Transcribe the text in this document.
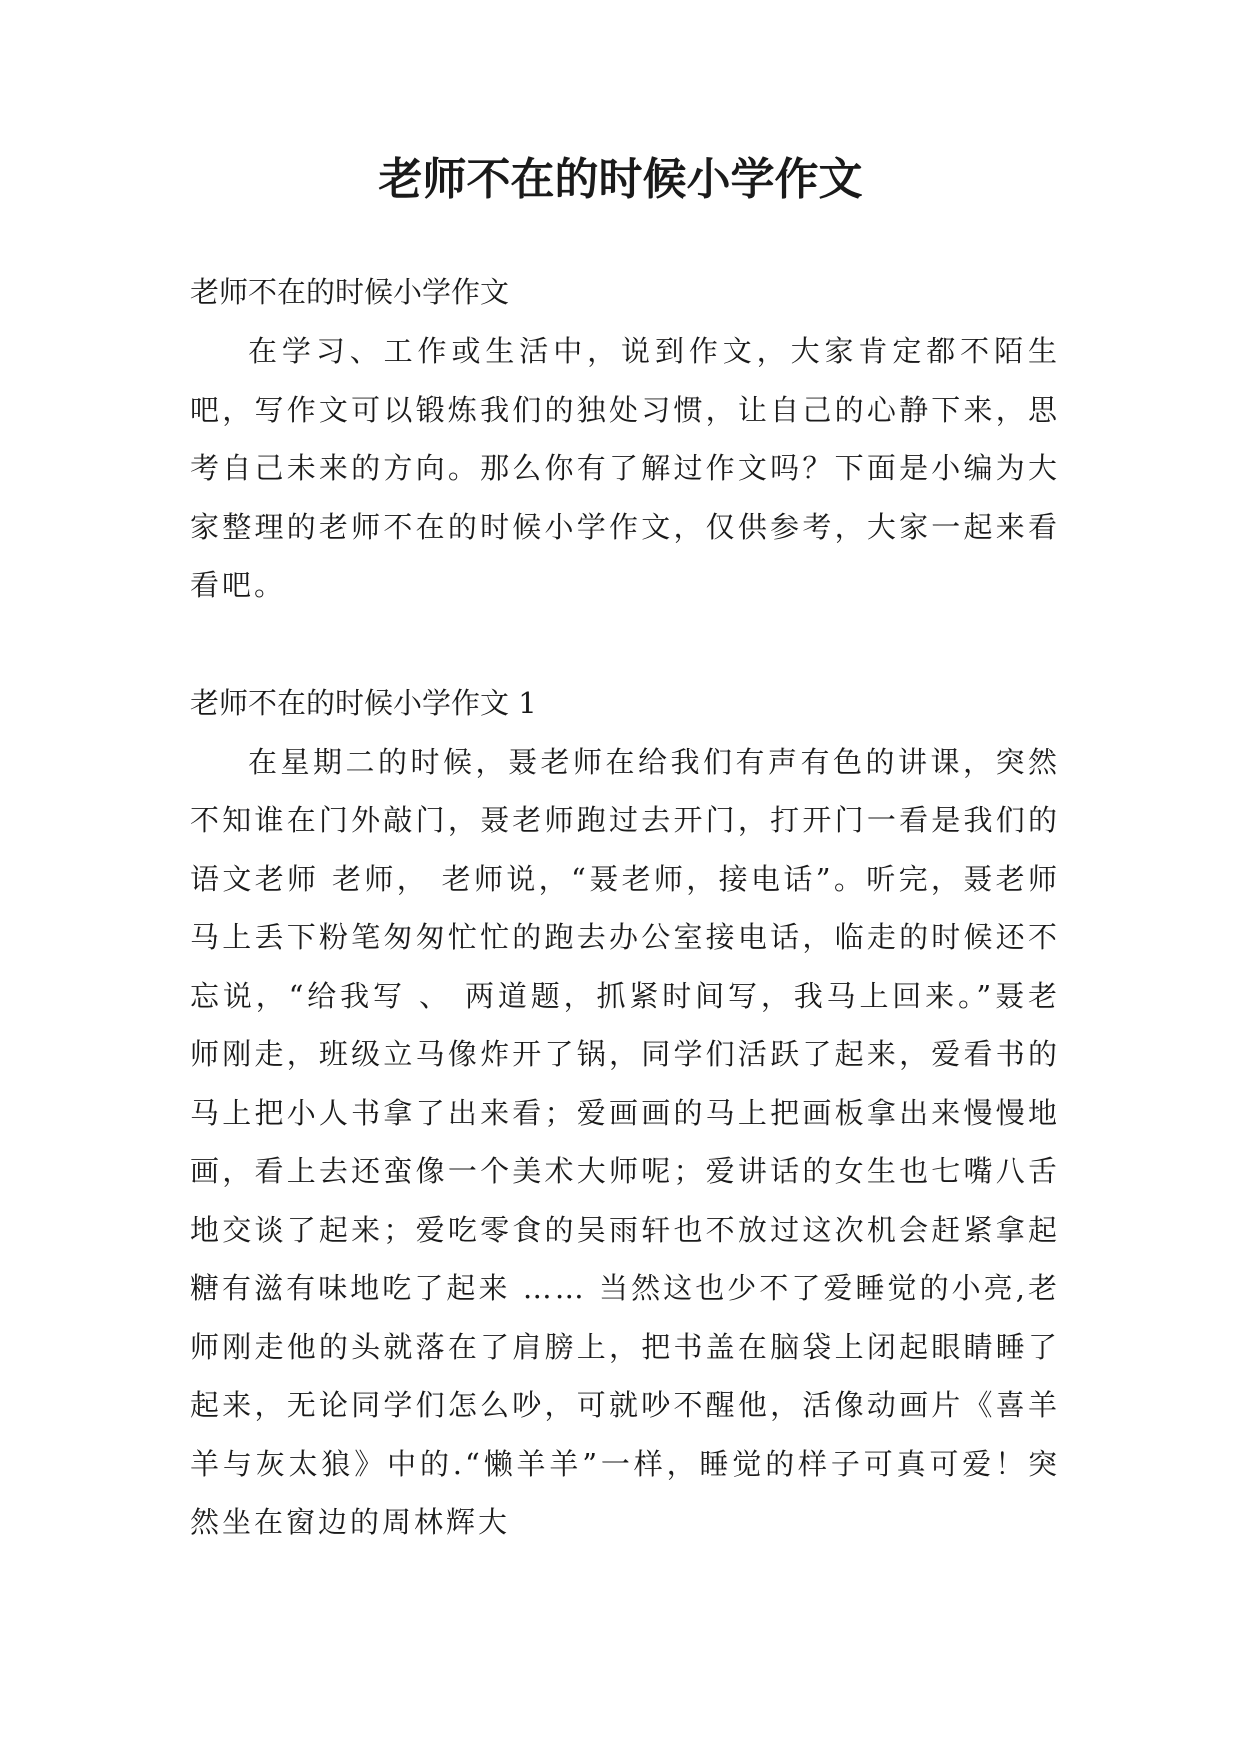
老师不在的时候小学作文

老师不在的时候小学作文

在学习、工作或生活中，说到作文，大家肯定都不陌生吧，写作文可以锻炼我们的独处习惯，让自己的心静下来，思考自己未来的方向。那么你有了解过作文吗？下面是小编为大家整理的老师不在的时候小学作文，仅供参考，大家一起来看看吧。

老师不在的时候小学作文 1

在星期二的时候，聂老师在给我们有声有色的讲课，突然不知谁在门外敲门，聂老师跑过去开门，打开门一看是我们的语文老师 老师， 老师说，“聂老师，接电话”。听完，聂老师马上丢下粉笔匆匆忙忙的跑去办公室接电话，临走的时候还不忘说，“给我写 、 两道题，抓紧时间写，我马上回来。”聂老师刚走，班级立马像炸开了锅，同学们活跃了起来，爱看书的马上把小人书拿了出来看；爱画画的马上把画板拿出来慢慢地画，看上去还蛮像一个美术大师呢；爱讲话的女生也七嘴八舌地交谈了起来；爱吃零食的吴雨轩也不放过这次机会赶紧拿起糖有滋有味地吃了起来 …… 当然这也少不了爱睡觉的小亮,老师刚走他的头就落在了肩膀上，把书盖在脑袋上闭起眼睛睡了起来，无论同学们怎么吵，可就吵不醒他，活像动画片《喜羊羊与灰太狼》中的.“懒羊羊”一样，睡觉的样子可真可爱！突然坐在窗边的周林辉大
